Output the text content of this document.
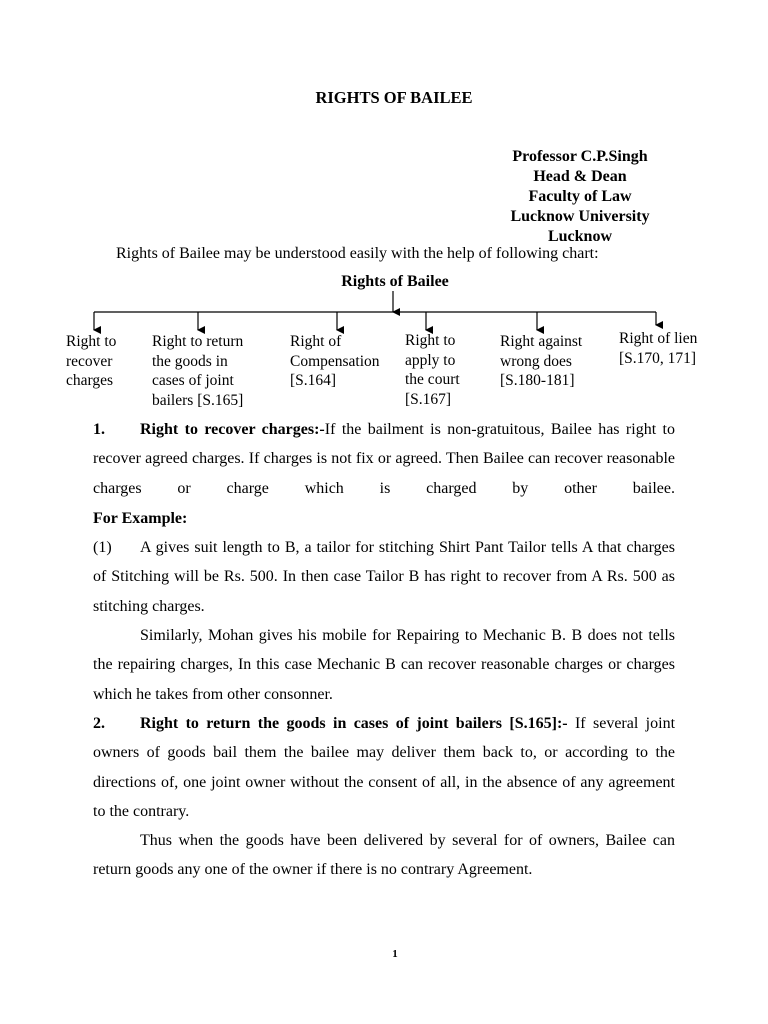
RIGHTS OF BAILEE
Professor C.P.Singh
Head & Dean
Faculty of Law
Lucknow University
Lucknow
Rights of Bailee may be understood easily with the help of following chart:
Rights of Bailee
Right to
recover
charges
Right to return
the goods in
cases of joint
bailers [S.165]
Right of
Compensation
[S.164]
Right to
apply to
the court
[S.167]
Right against
wrong does
[S.180-181]
Right of lien
[S.170, 171]
1. Right to recover charges:-If the bailment is non-gratuitous, Bailee has right to recover agreed charges. If charges is not fix or agreed. Then Bailee can recover reasonable charges or charge which is charged by other bailee.
For Example:
(1) A gives suit length to B, a tailor for stitching Shirt Pant Tailor tells A that charges of Stitching will be Rs. 500. In then case Tailor B has right to recover from A Rs. 500 as stitching charges.
Similarly, Mohan gives his mobile for Repairing to Mechanic B. B does not tells the repairing charges, In this case Mechanic B can recover reasonable charges or charges which he takes from other consonner.
2. Right to return the goods in cases of joint bailers [S.165]:- If several joint owners of goods bail them the bailee may deliver them back to, or according to the directions of, one joint owner without the consent of all, in the absence of any agreement to the contrary.
Thus when the goods have been delivered by several for of owners, Bailee can return goods any one of the owner if there is no contrary Agreement.
1
